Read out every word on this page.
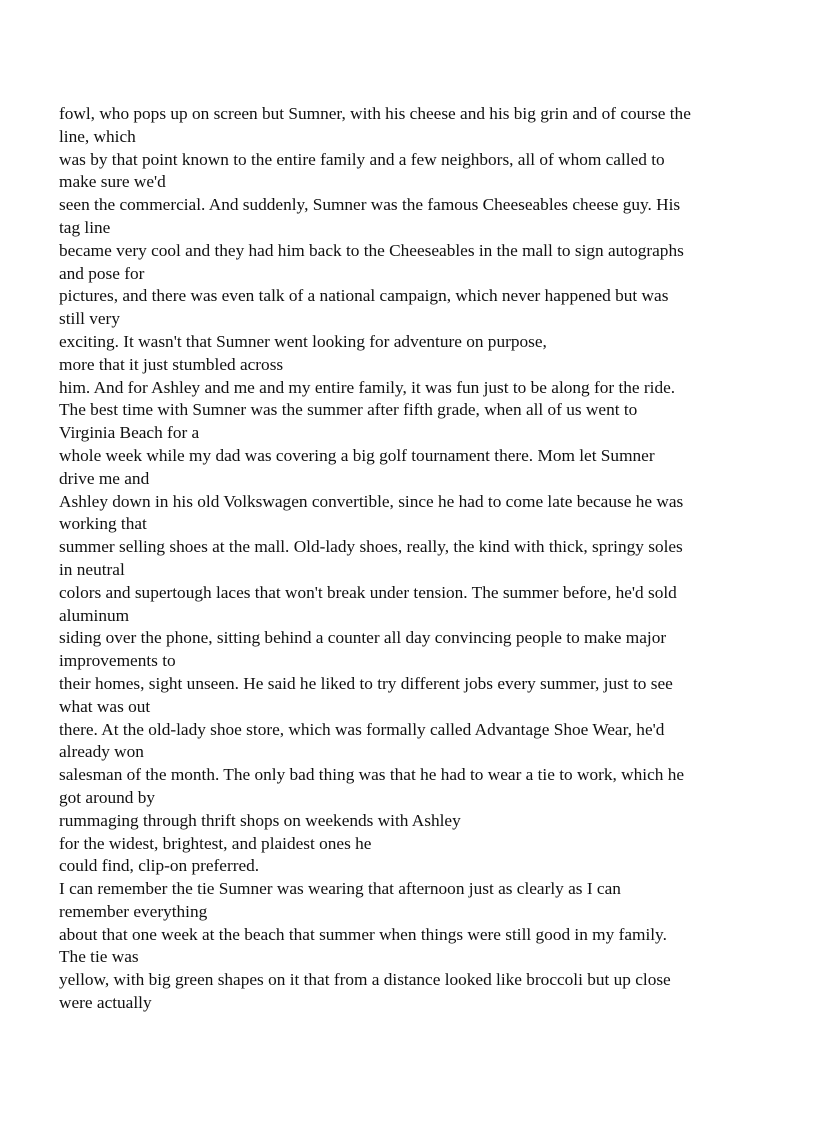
fowl, who pops up on screen but Sumner, with his cheese and his big grin and of course the

line, which

was by that point known to the entire family and a few neighbors, all of whom called to

make sure we'd

seen the commercial. And suddenly, Sumner was the famous Cheeseables cheese guy. His

tag line

became very cool and they had him back to the Cheeseables in the mall to sign autographs

and pose for

pictures, and there was even talk of a national campaign, which never happened but was

still very

exciting. It wasn't that Sumner went looking for adventure on purpose,

more that it just stumbled across

him. And for Ashley and me and my entire family, it was fun just to be along for the ride.

The best time with Sumner was the summer after fifth grade, when all of us went to

Virginia Beach for a

whole week while my dad was covering a big golf tournament there. Mom let Sumner

drive me and

Ashley down in his old Volkswagen convertible, since he had to come late because he was

working that

summer selling shoes at the mall. Old-lady shoes, really, the kind with thick, springy soles

in neutral

colors and supertough laces that won't break under tension. The summer before, he'd sold

aluminum

siding over the phone, sitting behind a counter all day convincing people to make major

improvements to

their homes, sight unseen. He said he liked to try different jobs every summer, just to see

what was out

there. At the old-lady shoe store, which was formally called Advantage Shoe Wear, he'd

already won

salesman of the month. The only bad thing was that he had to wear a tie to work, which he

got around by

rummaging through thrift shops on weekends with Ashley

for the widest, brightest, and plaidest ones he

could find, clip-on preferred.

I can remember the tie Sumner was wearing that afternoon just as clearly as I can

remember everything

about that one week at the beach that summer when things were still good in my family.

The tie was

yellow, with big green shapes on it that from a distance looked like broccoli but up close

were actually
